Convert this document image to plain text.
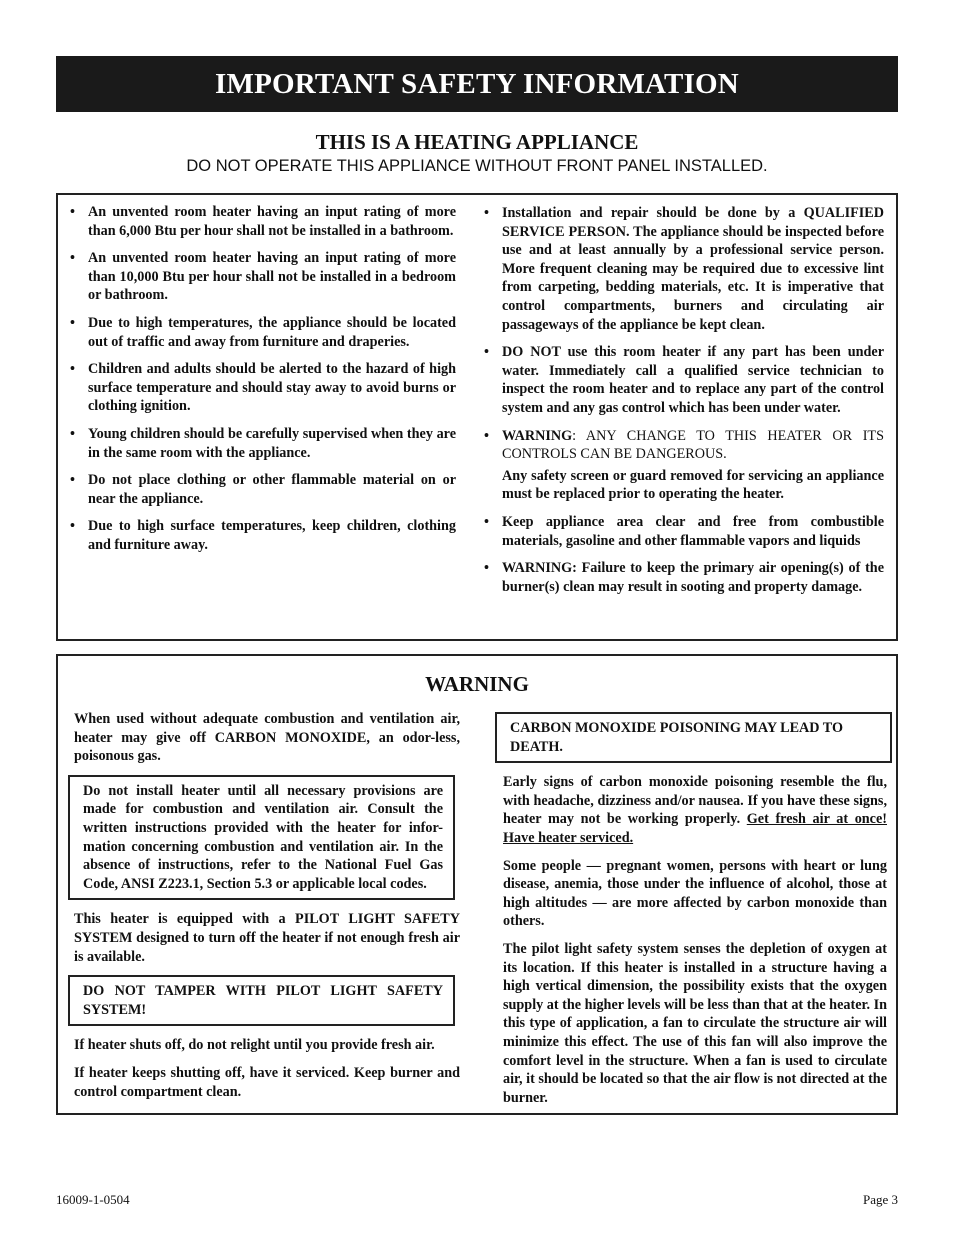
IMPORTANT SAFETY INFORMATION
THIS IS A HEATING APPLIANCE
DO NOT OPERATE THIS APPLIANCE WITHOUT FRONT PANEL INSTALLED.
• An unvented room heater having an input rating of more than 6,000 Btu per hour shall not be installed in a bathroom.
• An unvented room heater having an input rating of more than 10,000 Btu per hour shall not be installed in a bedroom or bathroom.
• Due to high temperatures, the appliance should be located out of traffic and away from furniture and draperies.
• Children and adults should be alerted to the hazard of high surface temperature and should stay away to avoid burns or clothing ignition.
• Young children should be carefully supervised when they are in the same room with the appliance.
• Do not place clothing or other flammable material on or near the appliance.
• Due to high surface temperatures, keep children, clothing and furniture away.
• Installation and repair should be done by a QUALIFIED SERVICE PERSON. The appliance should be inspected before use and at least annually by a professional service person. More frequent cleaning may be required due to excessive lint from carpeting, bedding materials, etc. It is imperative that control compartments, burners and circulating air passageways of the appliance be kept clean.
• DO NOT use this room heater if any part has been under water. Immediately call a qualified service technician to inspect the room heater and to replace any part of the control system and any gas control which has been under water.
• WARNING: ANY CHANGE TO THIS HEATER OR ITS CONTROLS CAN BE DANGEROUS.
Any safety screen or guard removed for servicing an appliance must be replaced prior to operating the heater.
• Keep appliance area clear and free from combustible materials, gasoline and other flammable vapors and liquids
• WARNING: Failure to keep the primary air opening(s) of the burner(s) clean may result in sooting and property damage.
WARNING

When used without adequate combustion and ventilation air, heater may give off CARBON MONOXIDE, an odor-less, poisonous gas.

Do not install heater until all necessary provisions are made for combustion and ventilation air. Consult the written instructions provided with the heater for infor-mation concerning combustion and ventilation air. In the absence of instructions, refer to the National Fuel Gas Code, ANSI Z223.1, Section 5.3 or applicable local codes.

This heater is equipped with a PILOT LIGHT SAFETY SYSTEM designed to turn off the heater if not enough fresh air is available.

DO NOT TAMPER WITH PILOT LIGHT SAFETY SYSTEM!

If heater shuts off, do not relight until you provide fresh air.

If heater keeps shutting off, have it serviced. Keep burner and control compartment clean.

CARBON MONOXIDE POISONING MAY LEAD TO DEATH.

Early signs of carbon monoxide poisoning resemble the flu, with headache, dizziness and/or nausea. If you have these signs, heater may not be working properly. Get fresh air at once! Have heater serviced.

Some people — pregnant women, persons with heart or lung disease, anemia, those under the influence of alcohol, those at high altitudes — are more affected by carbon monoxide than others.

The pilot light safety system senses the depletion of oxygen at its location. If this heater is installed in a structure having a high vertical dimension, the possibility exists that the oxygen supply at the higher levels will be less than that at the heater. In this type of application, a fan to circulate the structure air will minimize this effect. The use of this fan will also improve the comfort level in the structure. When a fan is used to circulate air, it should be located so that the air flow is not directed at the burner.

16009-1-0504	Page 3
